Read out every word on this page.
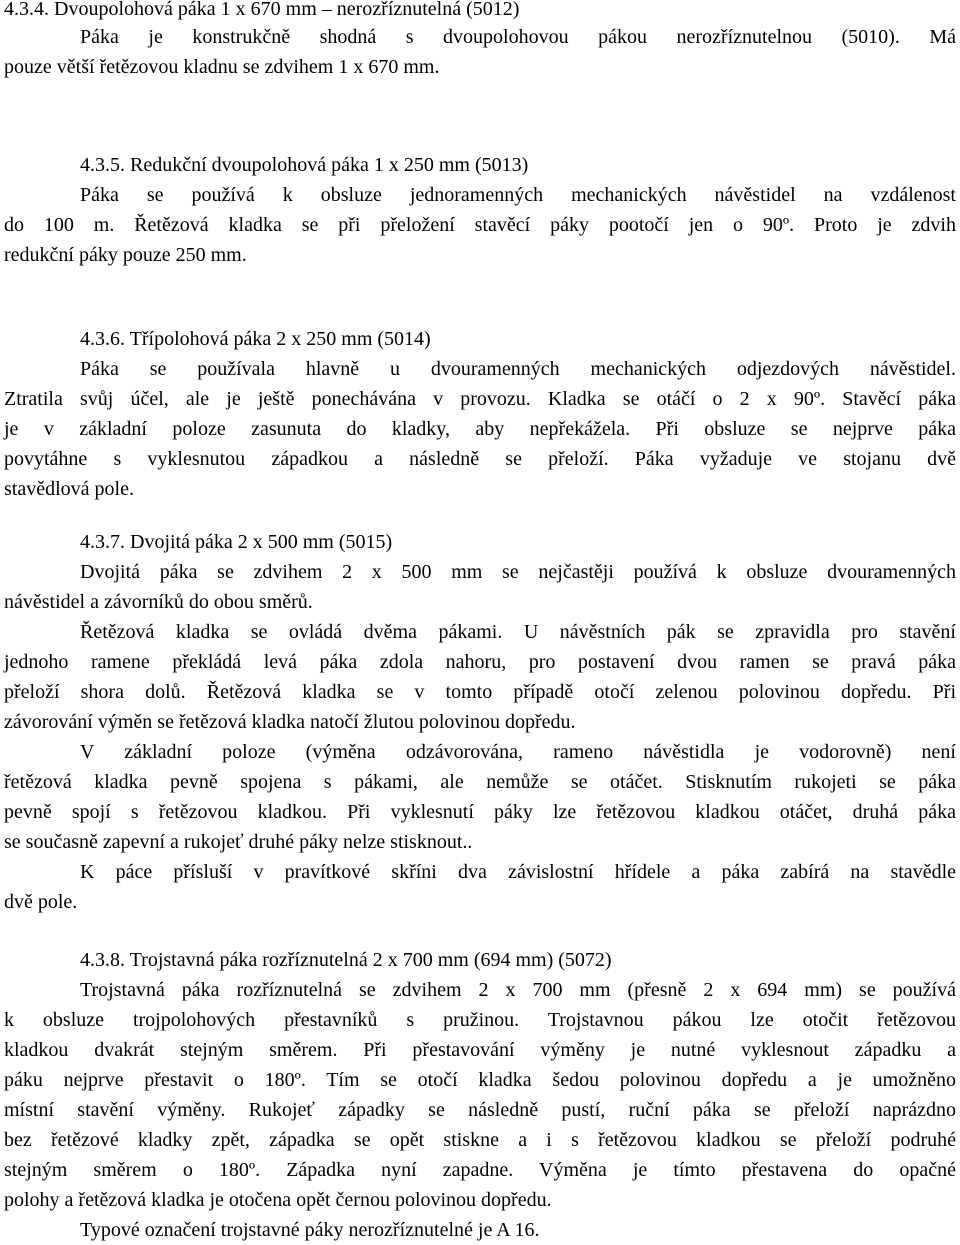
4.3.4. Dvoupolohová páka 1 x 670 mm – nerozříznutelná (5012)
Páka je konstrukčně shodná s dvoupolohovou pákou nerozříznutelnou (5010). Má
pouze větší řetězovou kladnu se zdvihem 1 x 670 mm.
4.3.5. Redukční dvoupolohová páka 1 x 250 mm (5013)
Páka se používá k obsluze jednoramenných mechanických návěstidel na vzdálenost
do 100 m. Řetězová kladka se při přeložení stavěcí páky pootočí jen o 90º. Proto je zdvih
redukční páky pouze 250 mm.
4.3.6. Třípolohová páka 2 x 250 mm (5014)
Páka se používala hlavně u dvouramenných mechanických odjezdových návěstidel.
Ztratila svůj účel, ale je ještě ponechávána v provozu. Kladka se otáčí o 2 x 90º. Stavěcí páka
je v základní poloze zasunuta do kladky, aby nepřekážela. Při obsluze se nejprve páka
povytáhne s vyklesnutou západkou a následně se přeloží. Páka vyžaduje ve stojanu dvě
stavědlová pole.
4.3.7. Dvojitá páka 2 x 500 mm (5015)
Dvojitá páka se zdvihem 2 x 500 mm se nejčastěji používá k obsluze dvouramenných
návěstidel a závorníků do obou směrů.
Řetězová kladka se ovládá dvěma pákami. U návěstních pák se zpravidla pro stavění
jednoho ramene překládá levá páka zdola nahoru, pro postavení dvou ramen se pravá páka
přeloží shora dolů. Řetězová kladka se v tomto případě otočí zelenou polovinou dopředu. Při
závorování výměn se řetězová kladka natočí žlutou polovinou dopředu.
V základní poloze (výměna odzávorována, rameno návěstidla je vodorovně) není
řetězová kladka pevně spojena s pákami, ale nemůže se otáčet. Stisknutím rukojeti se páka
pevně spojí s řetězovou kladkou. Při vyklesnutí páky lze řetězovou kladkou otáčet, druhá páka
se současně zapevní a rukojeť druhé páky nelze stisknout..
K páce přísluší v pravítkové skříni dva závislostní hřídele a páka zabírá na stavědle
dvě pole.
4.3.8. Trojstavná páka rozříznutelná 2 x 700 mm (694 mm) (5072)
Trojstavná páka rozříznutelná se zdvihem 2 x 700 mm (přesně 2 x 694 mm) se používá
k obsluze trojpolohových přestavníků s pružinou. Trojstavnou pákou lze otočit řetězovou
kladkou dvakrát stejným směrem. Při přestavování výměny je nutné vyklesnout západku a
páku nejprve přestavit o 180º. Tím se otočí kladka šedou polovinou dopředu a je umožněno
místní stavění výměny. Rukojeť západky se následně pustí, ruční páka se přeloží naprázdno
bez řetězové kladky zpět, západka se opět stiskne a i s řetězovou kladkou se přeloží podruhé
stejným směrem o 180º. Západka nyní zapadne. Výměna je tímto přestavena do opačné
polohy a řetězová kladka je otočena opět černou polovinou dopředu.
Typové označení trojstavné páky nerozříznutelné je A 16.
